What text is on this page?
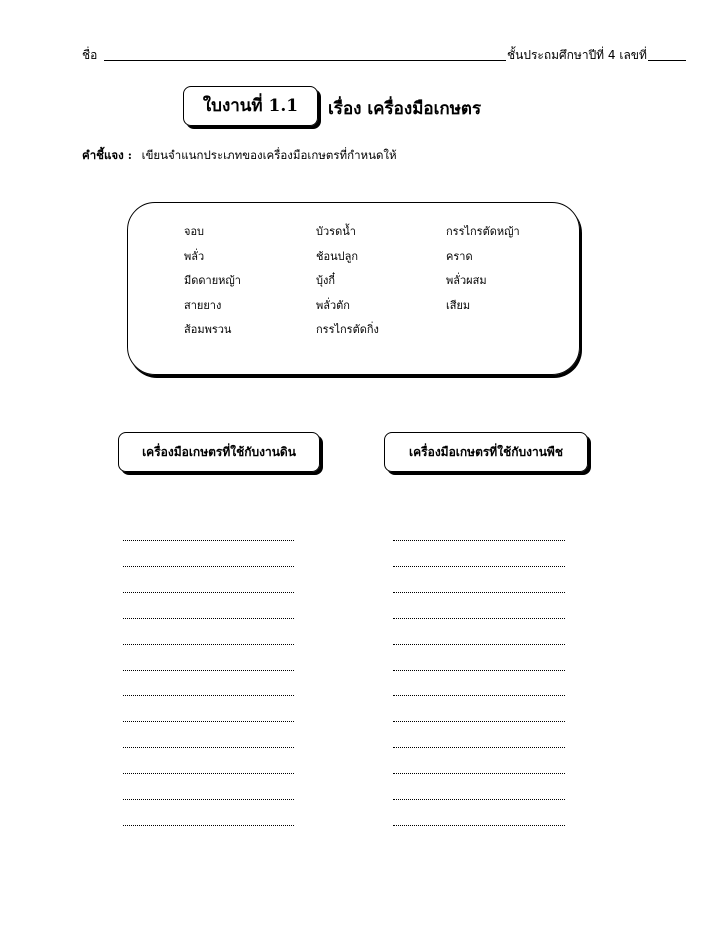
ชื่อ	ชั้นประถมศึกษาปีที่ 4 เลขที่
ใบงานที่ 1.1	เรื่อง เครื่องมือเกษตร
คำชี้แจง : เขียนจำแนกประเภทของเครื่องมือเกษตรที่กำหนดให้
จอบ
พลั่ว
มีดดายหญ้า
สายยาง
ส้อมพรวน
บัวรดน้ำ
ช้อนปลูก
บุ้งกี๋
พลั่วตัก
กรรไกรตัดกิ่ง
กรรไกรตัดหญ้า
คราด
พลั่วผสม
เสียม
เครื่องมือเกษตรที่ใช้กับงานดิน	เครื่องมือเกษตรที่ใช้กับงานพืช
